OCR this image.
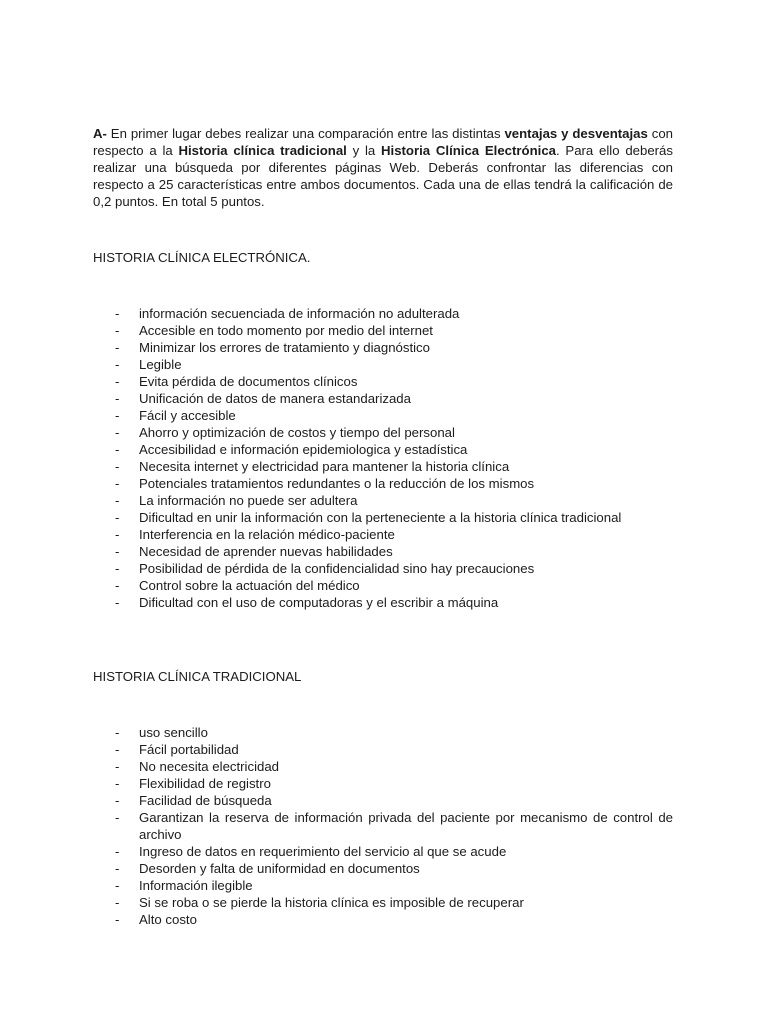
A- En primer lugar debes realizar una comparación entre las distintas ventajas y desventajas con respecto a la Historia clínica tradicional y la Historia Clínica Electrónica. Para ello deberás realizar una búsqueda por diferentes páginas Web. Deberás confrontar las diferencias con respecto a 25 características entre ambos documentos. Cada una de ellas tendrá la calificación de 0,2 puntos. En total 5 puntos.

HISTORIA CLÍNICA ELECTRÓNICA.
-	información secuenciada de información no adulterada
-	Accesible en todo momento por medio del internet
-	Minimizar los errores de tratamiento y diagnóstico
-	Legible
-	Evita pérdida de documentos clínicos
-	Unificación de datos de manera estandarizada
-	Fácil y accesible
-	Ahorro y optimización de costos y tiempo del personal
-	Accesibilidad e información epidemiologica y estadística
-	Necesita internet y electricidad para mantener la historia clínica
-	Potenciales tratamientos redundantes o la reducción de los mismos
-	La información no puede ser adultera
-	Dificultad en unir la información con la perteneciente a la historia clínica tradicional
-	Interferencia en la relación médico-paciente
-	Necesidad de aprender nuevas habilidades
-	Posibilidad de pérdida de la confidencialidad sino hay precauciones
-	Control sobre la actuación del médico
-	Dificultad con el uso de computadoras y el escribir a máquina
HISTORIA CLÍNICA TRADICIONAL
-	uso sencillo
-	Fácil portabilidad
-	No necesita electricidad
-	Flexibilidad de registro
-	Facilidad de búsqueda
-	Garantizan la reserva de información privada del paciente por mecanismo de control de archivo
-	Ingreso de datos en requerimiento del servicio al que se acude
-	Desorden y falta de uniformidad en documentos
-	Información ilegible
-	Si se roba o se pierde la historia clínica es imposible de recuperar
-	Alto costo
